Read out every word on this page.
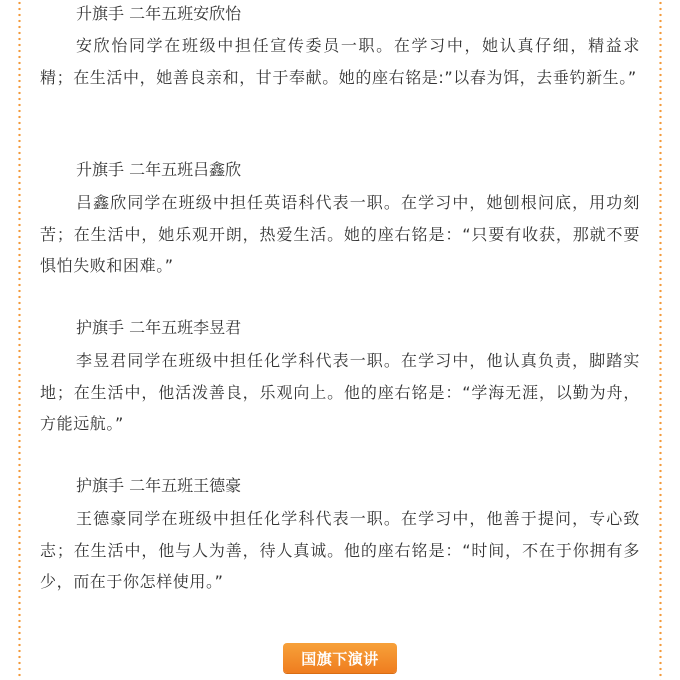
升旗手 二年五班安欣怡

安欣怡同学在班级中担任宣传委员一职。在学习中，她认真仔细，精益求精；在生活中，她善良亲和，甘于奉献。她的座右铭是:”以春为饵，去垂钓新生。”

升旗手 二年五班吕鑫欣

吕鑫欣同学在班级中担任英语科代表一职。在学习中，她刨根问底，用功刻苦；在生活中，她乐观开朗，热爱生活。她的座右铭是：“只要有收获，那就不要惧怕失败和困难。”

护旗手 二年五班李昱君

李昱君同学在班级中担任化学科代表一职。在学习中，他认真负责，脚踏实地；在生活中，他活泼善良，乐观向上。他的座右铭是：“学海无涯，以勤为舟，方能远航。”

护旗手 二年五班王德豪

王德豪同学在班级中担任化学科代表一职。在学习中，他善于提问，专心致志；在生活中，他与人为善，待人真诚。他的座右铭是：“时间，不在于你拥有多少，而在于你怎样使用。”

国旗下演讲
